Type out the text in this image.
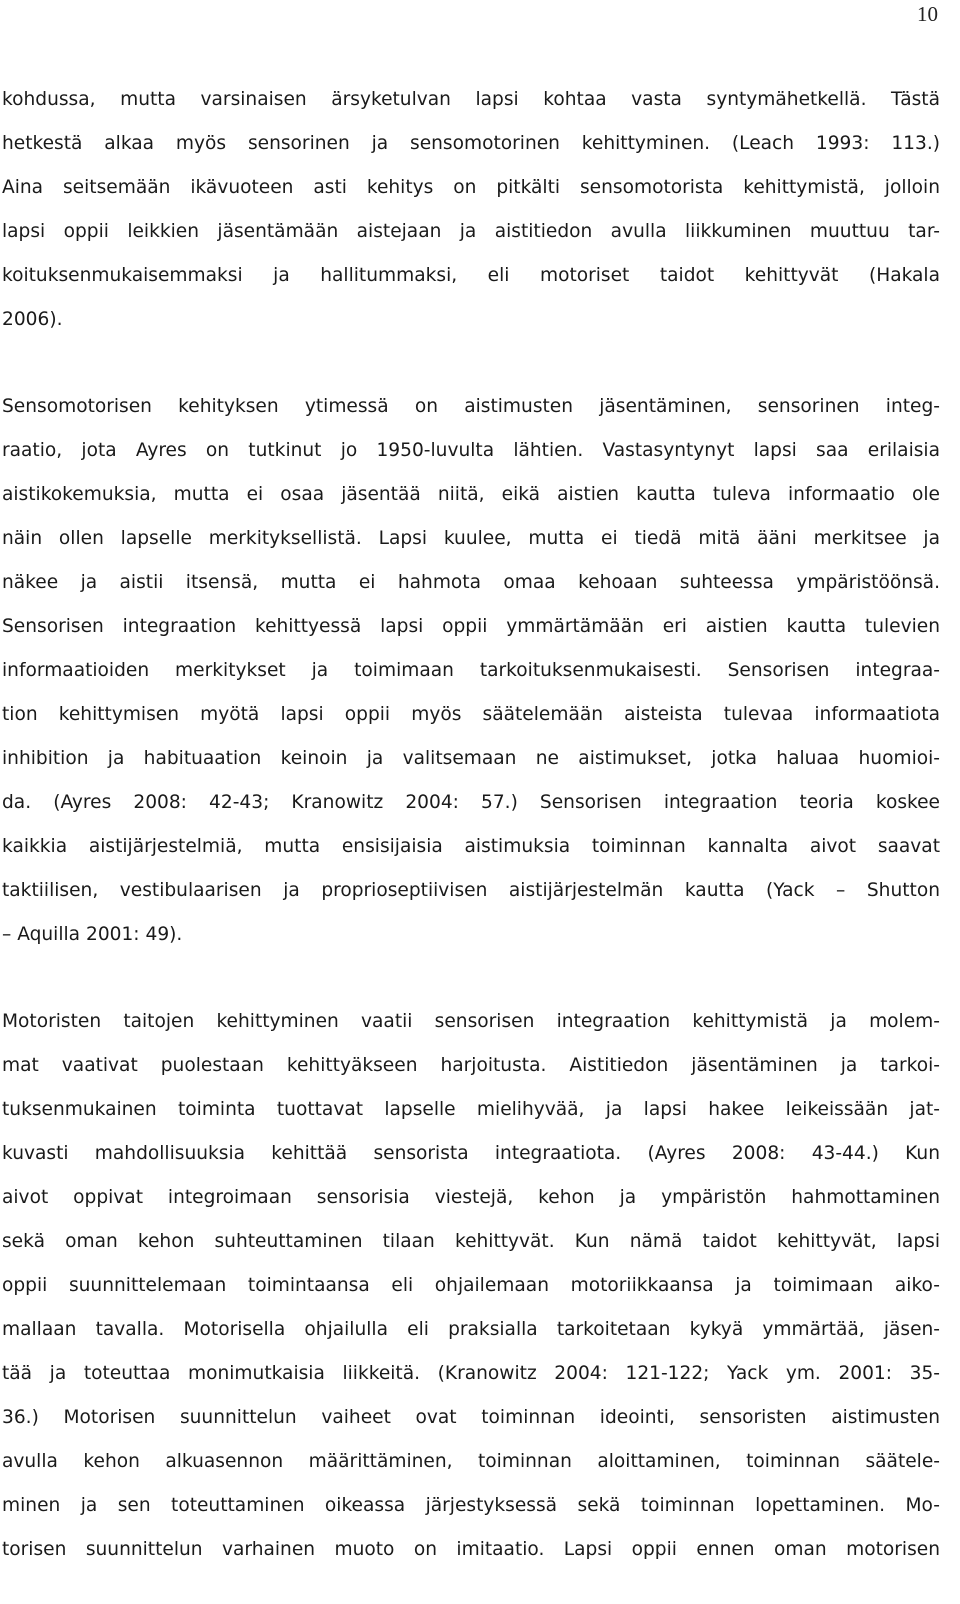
10
kohdussa, mutta varsinaisen ärsyketulvan lapsi kohtaa vasta syntymähetkellä. Tästä
hetkestä alkaa myös sensorinen ja sensomotorinen kehittyminen. (Leach 1993: 113.)
Aina seitsemään ikävuoteen asti kehitys on pitkälti sensomotorista kehittymistä, jolloin
lapsi oppii leikkien jäsentämään aistejaan ja aistitiedon avulla liikkuminen muuttuu tar-
koituksenmukaisemmaksi ja hallitummaksi, eli motoriset taidot kehittyvät (Hakala
2006).
Sensomotorisen kehityksen ytimessä on aistimusten jäsentäminen, sensorinen integ-
raatio, jota Ayres on tutkinut jo 1950-luvulta lähtien. Vastasyntynyt lapsi saa erilaisia
aistikokemuksia, mutta ei osaa jäsentää niitä, eikä aistien kautta tuleva informaatio ole
näin ollen lapselle merkityksellistä. Lapsi kuulee, mutta ei tiedä mitä ääni merkitsee ja
näkee ja aistii itsensä, mutta ei hahmota omaa kehoaan suhteessa ympäristöönsä.
Sensorisen integraation kehittyessä lapsi oppii ymmärtämään eri aistien kautta tulevien
informaatioiden merkitykset ja toimimaan tarkoituksenmukaisesti. Sensorisen integraa-
tion kehittymisen myötä lapsi oppii myös säätelemään aisteista tulevaa informaatiota
inhibition ja habituaation keinoin ja valitsemaan ne aistimukset, jotka haluaa huomioi-
da. (Ayres 2008: 42-43; Kranowitz 2004: 57.) Sensorisen integraation teoria koskee
kaikkia aistijärjestelmiä, mutta ensisijaisia aistimuksia toiminnan kannalta aivot saavat
taktiilisen, vestibulaarisen ja proprioseptiivisen aistijärjestelmän kautta (Yack – Shutton
– Aquilla 2001: 49).
Motoristen taitojen kehittyminen vaatii sensorisen integraation kehittymistä ja molem-
mat vaativat puolestaan kehittyäkseen harjoitusta. Aistitiedon jäsentäminen ja tarkoi-
tuksenmukainen toiminta tuottavat lapselle mielihyvää, ja lapsi hakee leikeissään jat-
kuvasti mahdollisuuksia kehittää sensorista integraatiota. (Ayres 2008: 43-44.) Kun
aivot oppivat integroimaan sensorisia viestejä, kehon ja ympäristön hahmottaminen
sekä oman kehon suhteuttaminen tilaan kehittyvät. Kun nämä taidot kehittyvät, lapsi
oppii suunnittelemaan toimintaansa eli ohjailemaan motoriikkaansa ja toimimaan aiko-
mallaan tavalla. Motorisella ohjailulla eli praksialla tarkoitetaan kykyä ymmärtää, jäsen-
tää ja toteuttaa monimutkaisia liikkeitä. (Kranowitz 2004: 121-122; Yack ym. 2001: 35-
36.) Motorisen suunnittelun vaiheet ovat toiminnan ideointi, sensoristen aistimusten
avulla kehon alkuasennon määrittäminen, toiminnan aloittaminen, toiminnan säätele-
minen ja sen toteuttaminen oikeassa järjestyksessä sekä toiminnan lopettaminen. Mo-
torisen suunnittelun varhainen muoto on imitaatio. Lapsi oppii ennen oman motorisen
